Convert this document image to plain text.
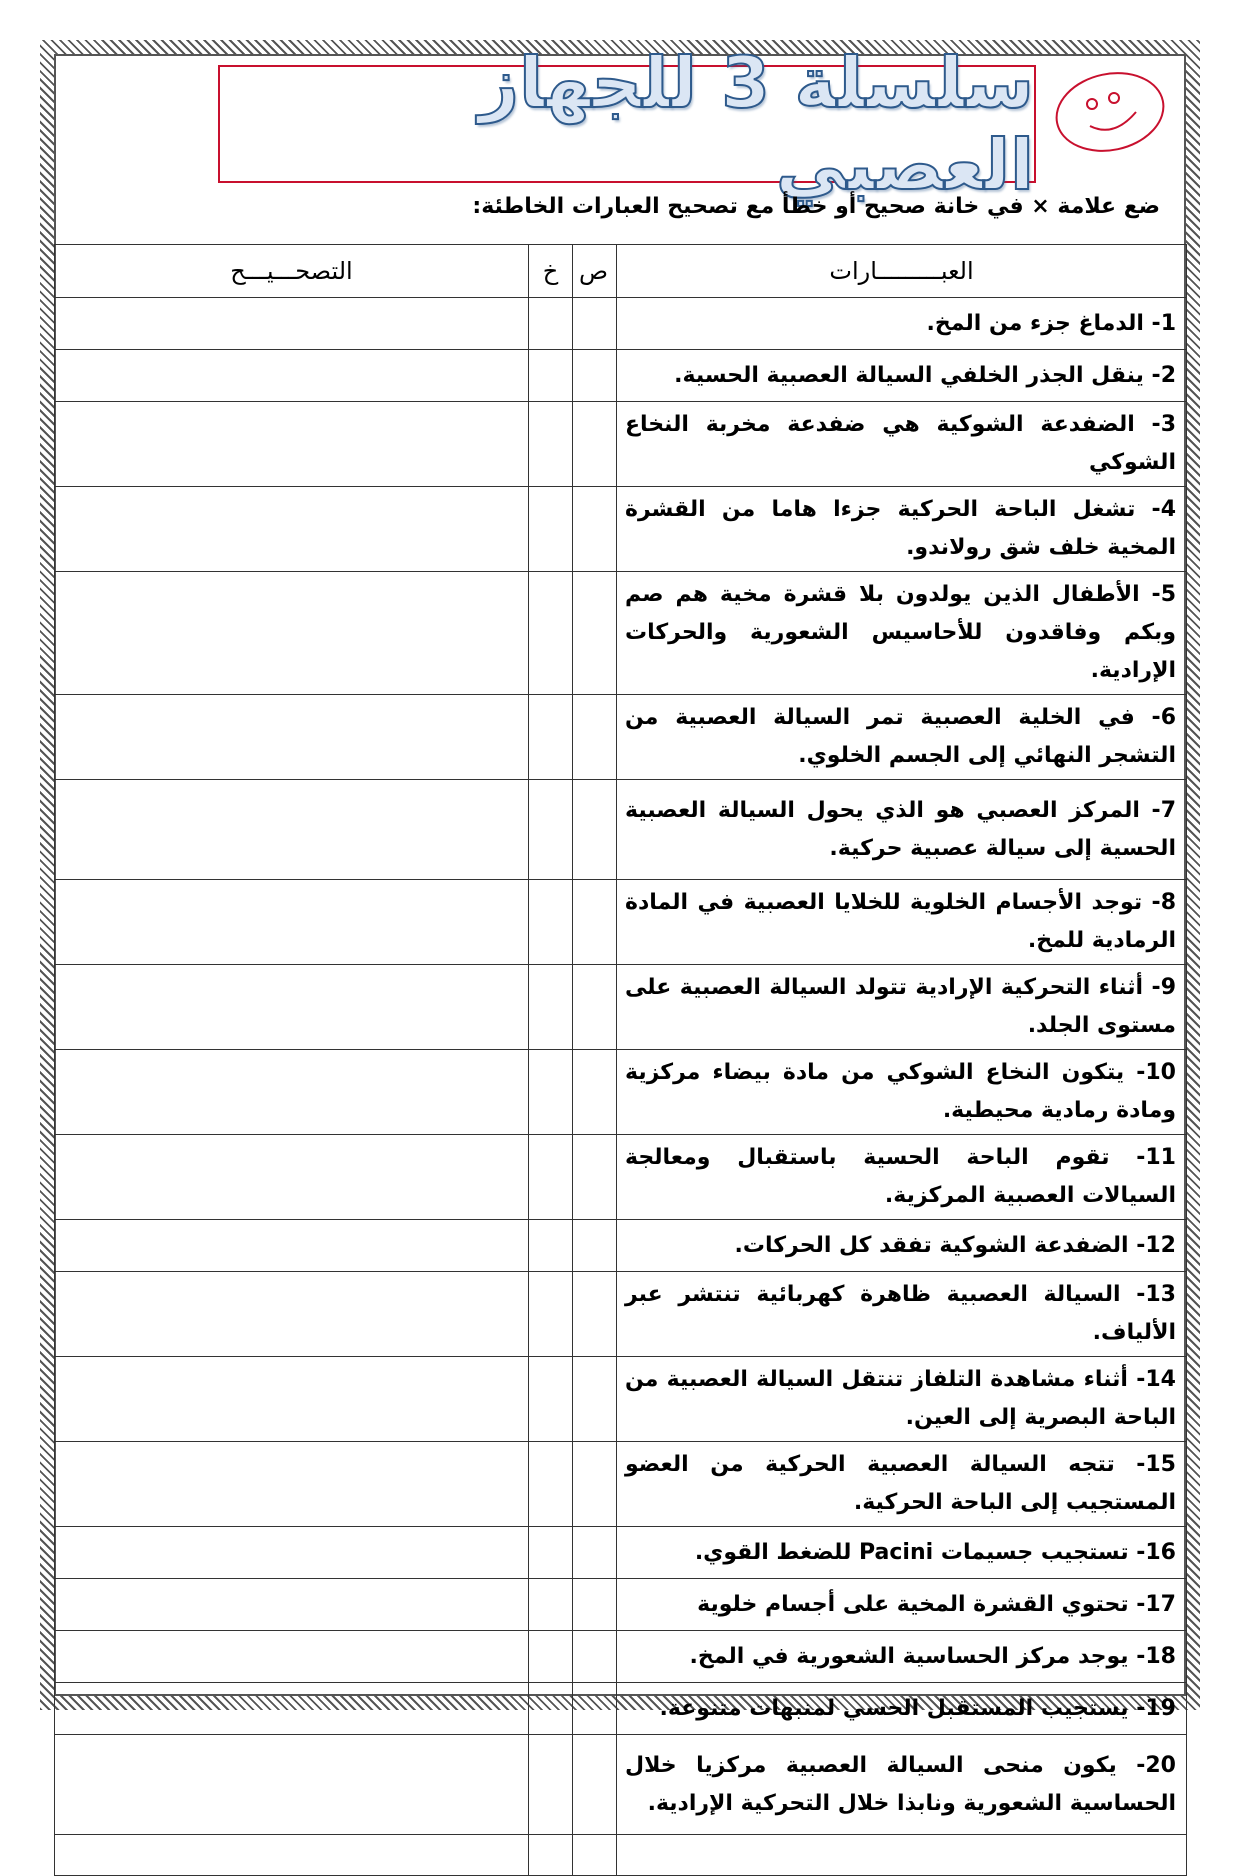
سلسلة 3 للجهاز العصبي
ضع علامة × في خانة صحيح أو خطأ مع تصحيح العبارات الخاطئة:
العبـــــــــارات	ص	خ	التصحـــيـــح
1- الدماغ جزء من المخ.			
2- ينقل الجذر الخلفي السيالة العصبية الحسية.			
3- الضفدعة الشوكية هي ضفدعة مخربة النخاع الشوكي			
4- تشغل الباحة الحركية جزءا هاما من القشرة المخية خلف شق رولاندو.			
5- الأطفال الذين يولدون بلا قشرة مخية هم صم وبكم وفاقدون للأحاسيس الشعورية والحركات الإرادية.			
6- في الخلية العصبية تمر السيالة العصبية من التشجر النهائي إلى الجسم الخلوي.			
7- المركز العصبي هو الذي يحول السيالة العصبية الحسية إلى سيالة عصبية حركية.			
8- توجد الأجسام الخلوية للخلايا العصبية في المادة الرمادية للمخ.			
9- أثناء التحركية الإرادية تتولد السيالة العصبية على مستوى الجلد.			
10- يتكون النخاع الشوكي من مادة بيضاء مركزية ومادة رمادية محيطية.			
11- تقوم الباحة الحسية باستقبال ومعالجة السيالات العصبية المركزية.			
12- الضفدعة الشوكية تفقد كل الحركات.			
13- السيالة العصبية ظاهرة كهربائية تنتشر عبر الألياف.			
14- أثناء مشاهدة التلفاز تنتقل السيالة العصبية من الباحة البصرية إلى العين.			
15- تتجه السيالة العصبية الحركية من العضو المستجيب إلى الباحة الحركية.			
16- تستجيب جسيمات Pacini للضغط القوي.			
17- تحتوي القشرة المخية على أجسام خلوية			
18- يوجد مركز الحساسية الشعورية في المخ.			
19- يستجيب المستقبل الحسي لمنبهات متنوعة.			
20- يكون منحى السيالة العصبية مركزيا خلال الحساسية الشعورية ونابذا خلال التحركية الإرادية.			
